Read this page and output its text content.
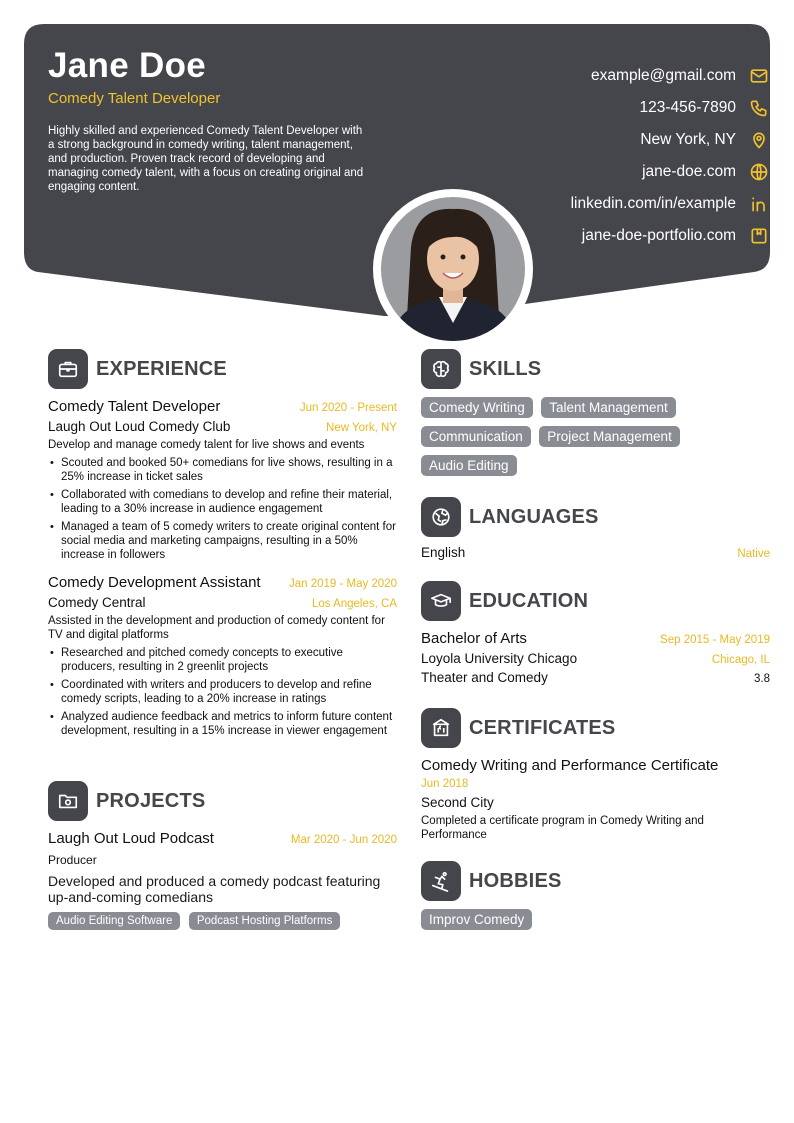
Jane Doe
Comedy Talent Developer
Highly skilled and experienced Comedy Talent Developer with a strong background in comedy writing, talent management, and production. Proven track record of developing and managing comedy talent, with a focus on creating original and engaging content.
example@gmail.com
123-456-7890
New York, NY
jane-doe.com
linkedin.com/in/example
jane-doe-portfolio.com
EXPERIENCE
Comedy Talent Developer	Jun 2020 - Present
Laugh Out Loud Comedy Club	New York, NY
Develop and manage comedy talent for live shows and events
• Scouted and booked 50+ comedians for live shows, resulting in a 25% increase in ticket sales
• Collaborated with comedians to develop and refine their material, leading to a 30% increase in audience engagement
• Managed a team of 5 comedy writers to create original content for social media and marketing campaigns, resulting in a 50% increase in followers
Comedy Development Assistant Jan 2019 - May 2020
Comedy Central	Los Angeles, CA
Assisted in the development and production of comedy content for TV and digital platforms
• Researched and pitched comedy concepts to executive producers, resulting in 2 greenlit projects
• Coordinated with writers and producers to develop and refine comedy scripts, leading to a 20% increase in ratings
• Analyzed audience feedback and metrics to inform future content development, resulting in a 15% increase in viewer engagement
PROJECTS
Laugh Out Loud Podcast	Mar 2020 - Jun 2020
Producer
Developed and produced a comedy podcast featuring up-and-coming comedians
Audio Editing Software Podcast Hosting Platforms
SKILLS
Comedy Writing Talent Management
Communication Project Management
Audio Editing
LANGUAGES
English	Native
EDUCATION
Bachelor of Arts	Sep 2015 - May 2019
Loyola University Chicago	Chicago, IL
Theater and Comedy	3.8
CERTIFICATES
Comedy Writing and Performance Certificate
Jun 2018
Second City
Completed a certificate program in Comedy Writing and Performance
HOBBIES
Improv Comedy
